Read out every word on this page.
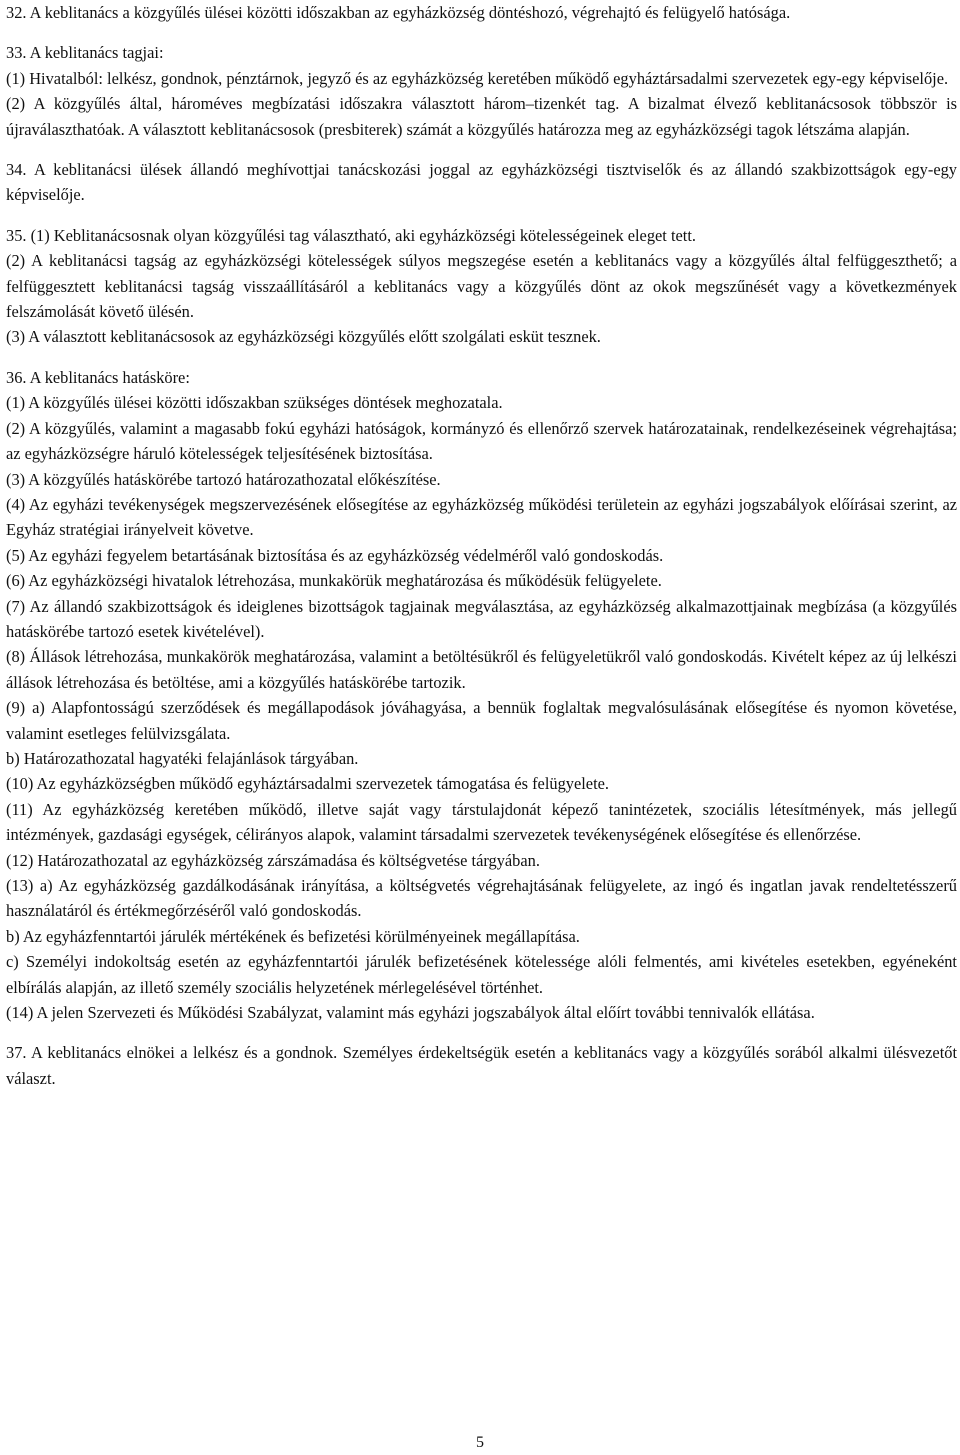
32. A keblitanács a közgyűlés ülései közötti időszakban az egyházközség döntéshozó, végrehajtó és felügyelő hatósága.

33. A keblitanács tagjai:

(1) Hivatalból: lelkész, gondnok, pénztárnok, jegyző és az egyházközség keretében működő egyháztársadalmi szervezetek egy-egy képviselője.

(2) A közgyűlés által, hároméves megbízatási időszakra választott három–tizenkét tag. A bizalmat élvező keblitanácsosok többször is újraválaszthatóak. A választott keblitanácsosok (presbiterek) számát a közgyűlés határozza meg az egyházközségi tagok létszáma alapján.

34. A keblitanácsi ülések állandó meghívottjai tanácskozási joggal az egyházközségi tisztviselők és az állandó szakbizottságok egy-egy képviselője.

35. (1) Keblitanácsosnak olyan közgyűlési tag választható, aki egyházközségi kötelességeinek eleget tett.

(2) A keblitanácsi tagság az egyházközségi kötelességek súlyos megszegése esetén a keblitanács vagy a közgyűlés által felfüggeszthető; a felfüggesztett keblitanácsi tagság visszaállításáról a keblitanács vagy a közgyűlés dönt az okok megszűnését vagy a következmények felszámolását követő ülésén.

(3) A választott keblitanácsosok az egyházközségi közgyűlés előtt szolgálati esküt tesznek.

36. A keblitanács hatásköre:

(1) A közgyűlés ülései közötti időszakban szükséges döntések meghozatala.

(2) A közgyűlés, valamint a magasabb fokú egyházi hatóságok, kormányzó és ellenőrző szervek határozatainak, rendelkezéseinek végrehajtása; az egyházközségre háruló kötelességek teljesítésének biztosítása.

(3) A közgyűlés hatáskörébe tartozó határozathozatal előkészítése.

(4) Az egyházi tevékenységek megszervezésének elősegítése az egyházközség működési területein az egyházi jogszabályok előírásai szerint, az Egyház stratégiai irányelveit követve.

(5) Az egyházi fegyelem betartásának biztosítása és az egyházközség védelméről való gondoskodás.

(6) Az egyházközségi hivatalok létrehozása, munkakörük meghatározása és működésük felügyelete.

(7) Az állandó szakbizottságok és ideiglenes bizottságok tagjainak megválasztása, az egyházközség alkalmazottjainak megbízása (a közgyűlés hatáskörébe tartozó esetek kivételével).

(8) Állások létrehozása, munkakörök meghatározása, valamint a betöltésükről és felügyeletükről való gondoskodás. Kivételt képez az új lelkészi állások létrehozása és betöltése, ami a közgyűlés hatáskörébe tartozik.

(9) a) Alapfontosságú szerződések és megállapodások jóváhagyása, a bennük foglaltak megvalósulásának elősegítése és nyomon követése, valamint esetleges felülvizsgálata.

b) Határozathozatal hagyatéki felajánlások tárgyában.

(10) Az egyházközségben működő egyháztársadalmi szervezetek támogatása és felügyelete.

(11) Az egyházközség keretében működő, illetve saját vagy társtulajdonát képező tanintézetek, szociális létesítmények, más jellegű intézmények, gazdasági egységek, célirányos alapok, valamint társadalmi szervezetek tevékenységének elősegítése és ellenőrzése.

(12) Határozathozatal az egyházközség zárszámadása és költségvetése tárgyában.

(13) a) Az egyházközség gazdálkodásának irányítása, a költségvetés végrehajtásának felügyelete, az ingó és ingatlan javak rendeltetésszerű használatáról és értékmegőrzéséről való gondoskodás.

b) Az egyházfenntartói járulék mértékének és befizetési körülményeinek megállapítása.

c) Személyi indokoltság esetén az egyházfenntartói járulék befizetésének kötelessége alóli felmentés, ami kivételes esetekben, egyéneként elbírálás alapján, az illető személy szociális helyzetének mérlegelésével történhet.

(14) A jelen Szervezeti és Működési Szabályzat, valamint más egyházi jogszabályok által előírt további tennivalók ellátása.

37. A keblitanács elnökei a lelkész és a gondnok. Személyes érdekeltségük esetén a keblitanács vagy a közgyűlés sorából alkalmi ülésvezetőt választ.

5
